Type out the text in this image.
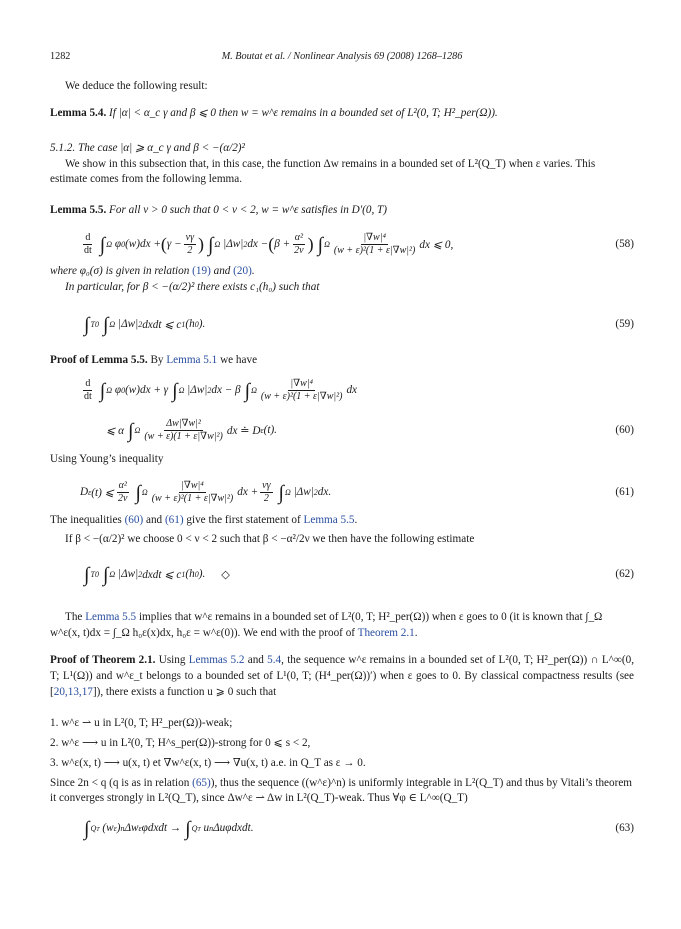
1282	M. Boutat et al. / Nonlinear Analysis 69 (2008) 1268–1286
We deduce the following result:
Lemma 5.4. If |α| < α_c γ and β ⩽ 0 then w = w^ε remains in a bounded set of L²(0, T; H²_per(Ω)).
5.1.2. The case |α| ⩾ α_c γ and β < −(α/2)²
We show in this subsection that, in this case, the function Δw remains in a bounded set of L²(Q_T) when ε varies. This estimate comes from the following lemma.
Lemma 5.5. For all ν > 0 such that 0 < ν < 2, w = w^ε satisfies in D′(0, T)
$\frac{d}{dt}$ ∫ Ω φ 0 (w)dx + ( $\gamma - \frac{\nu\gamma}{2}$ ) ∫ Ω |Δw| 2 dx − ( $\beta + \frac{\text{α²}}{2\nu}$ ) ∫ Ω $\frac{\text{|∇w|⁴}}{\text{(w + ε)²(1 + ε|∇w|²)}}$ dx ⩽ 0,	(58)
where φ₀(σ) is given in relation (19) and (20).
In particular, for β < −(α/2)² there exists c₁(h₀) such that
∫ T 0 ∫ Ω |Δw| 2 dxdt ⩽ c 1 (h 0 ).	(59)
Proof of Lemma 5.5. By Lemma 5.1 we have
$\frac{d}{dt}$ ∫ Ω φ 0 (w)dx + γ ∫ Ω |Δw| 2 dx − β ∫ Ω $\frac{\text{|∇w|⁴}}{\text{(w + ε)²(1 + ε|∇w|²)}}$ dx
⩽ α ∫ Ω $\frac{\text{Δw|∇w|²}}{\text{(w + ε)(1 + ε|∇w|²)}}$ dx ≐ D ε (t).	(60)
Using Young’s inequality
D ε (t) ⩽ $\frac{\text{α²}}{2\nu}$ ∫ Ω $\frac{\text{|∇w|⁴}}{\text{(w + ε)²(1 + ε|∇w|²)}}$ dx + $\frac{\nu\gamma}{2}$ ∫ Ω |Δw| 2 dx.	(61)
The inequalities (60) and (61) give the first statement of Lemma 5.5.
If β < −(α/2)² we choose 0 < ν < 2 such that β < −α²/2ν we then have the following estimate
∫ T 0 ∫ Ω |Δw| 2 dxdt ⩽ c 1 (h 0 ). ◇	(62)
The Lemma 5.5 implies that w^ε remains in a bounded set of L²(0, T; H²_per(Ω)) when ε goes to 0 (it is known that ∫_Ω w^ε(x, t)dx = ∫_Ω h₀ε(x)dx, h₀ε = w^ε(0)). We end with the proof of Theorem 2.1.
Proof of Theorem 2.1. Using Lemmas 5.2 and 5.4, the sequence w^ε remains in a bounded set of L²(0, T; H²_per(Ω)) ∩ L^∞(0, T; L¹(Ω)) and w^ε_t belongs to a bounded set of L¹(0, T; (H⁴_per(Ω))′) when ε goes to 0. By classical compactness results (see [20,13,17]), there exists a function u ⩾ 0 such that
1. w^ε ⇀ u in L²(0, T; H²_per(Ω))-weak;
2. w^ε ⟶ u in L²(0, T; H^s_per(Ω))-strong for 0 ⩽ s < 2,
3. w^ε(x, t) ⟶ u(x, t) et ∇w^ε(x, t) ⟶ ∇u(x, t) a.e. in Q_T as ε → 0.
Since 2n < q (q is as in relation (65)), thus the sequence ((w^ε)^n) is uniformly integrable in L²(Q_T) and thus by Vitali’s theorem it converges strongly in L²(Q_T), since Δw^ε ⇀ Δw in L²(Q_T)-weak. Thus ∀φ ∈ L^∞(Q_T)
∫ QT (w ε ) n Δw ε φdxdt → ∫ QT u n Δuφdxdt.	(63)
